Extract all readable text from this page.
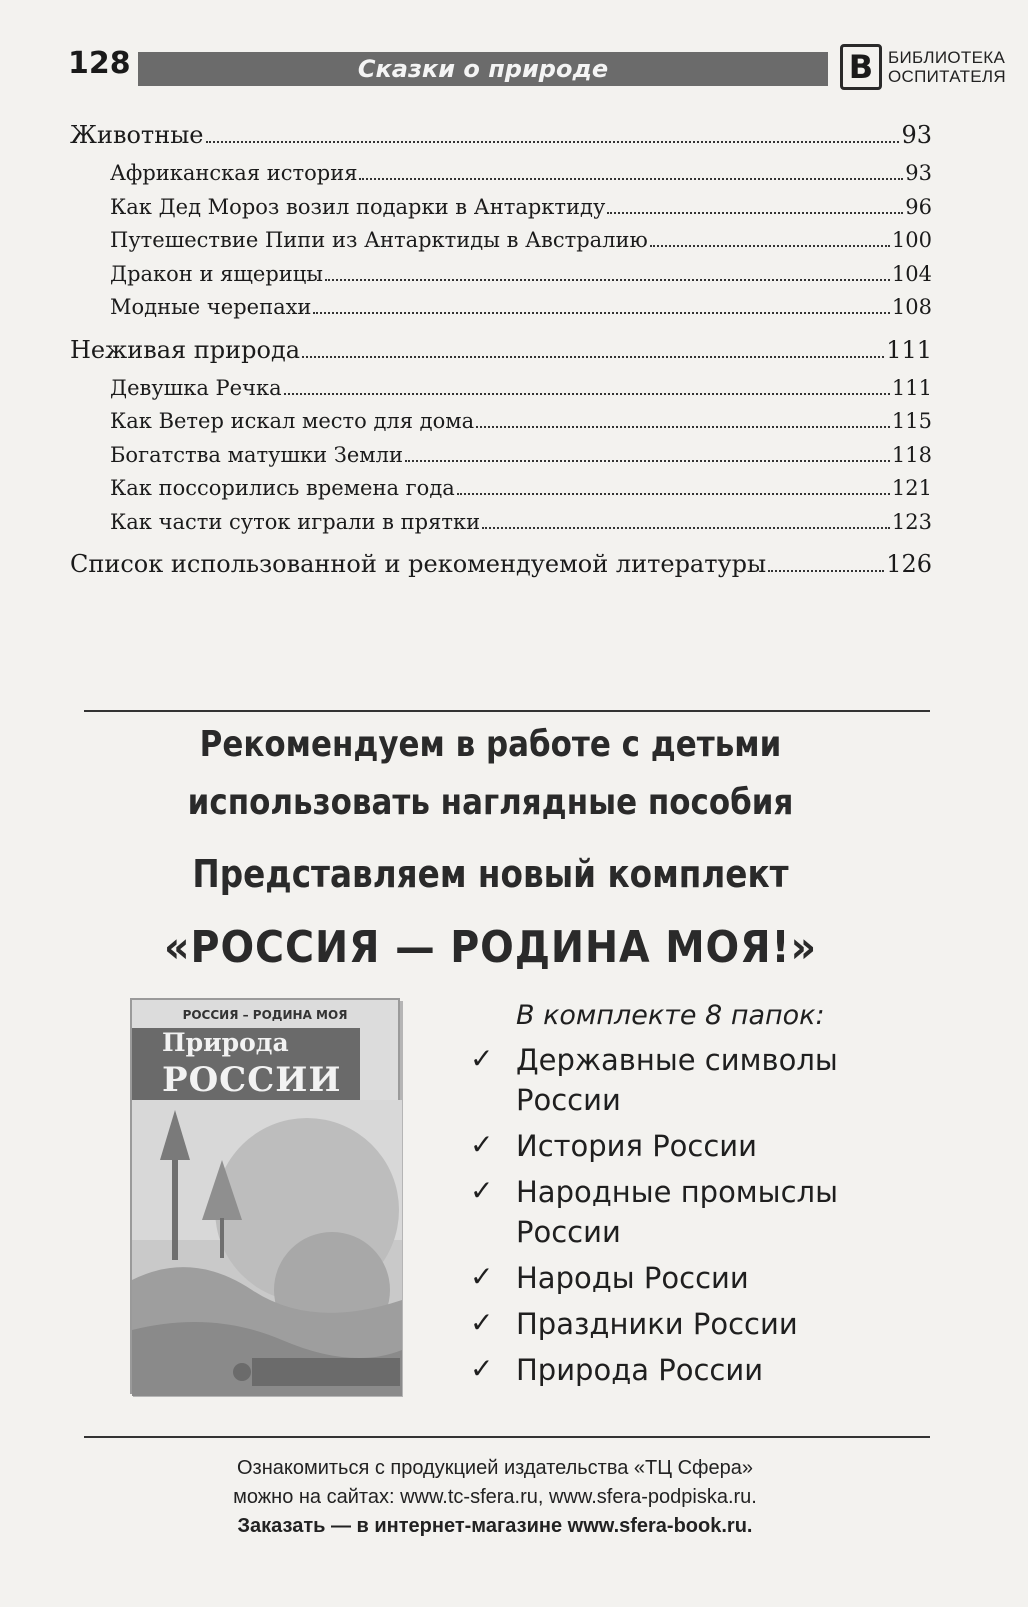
128	Сказки о природе	В БИБЛИОТЕКА
ОСПИТАТЕЛЯ
Животные	93
Африканская история	93
Как Дед Мороз возил подарки в Антарктиду	96
Путешествие Пипи из Антарктиды в Австралию	100
Дракон и ящерицы	104
Модные черепахи	108
Неживая природа	111
Девушка Речка	111
Как Ветер искал место для дома	115
Богатства матушки Земли	118
Как поссорились времена года	121
Как части суток играли в прятки	123
Список использованной и рекомендуемой литературы	126
Рекомендуем в работе с детьми
использовать наглядные пособия
Представляем новый комплект
«РОССИЯ — РОДИНА МОЯ!»
РОССИЯ – РОДИНА МОЯ
Природа
РОССИИ
В комплекте 8 папок:
✓ Державные символы России
✓ История России
✓ Народные промыслы России
✓ Народы России
✓ Праздники России
✓ Природа России
Ознакомиться с продукцией издательства «ТЦ Сфера»
можно на сайтах: www.tc-sfera.ru, www.sfera-podpiska.ru.
Заказать — в интернет-магазине www.sfera-book.ru.
